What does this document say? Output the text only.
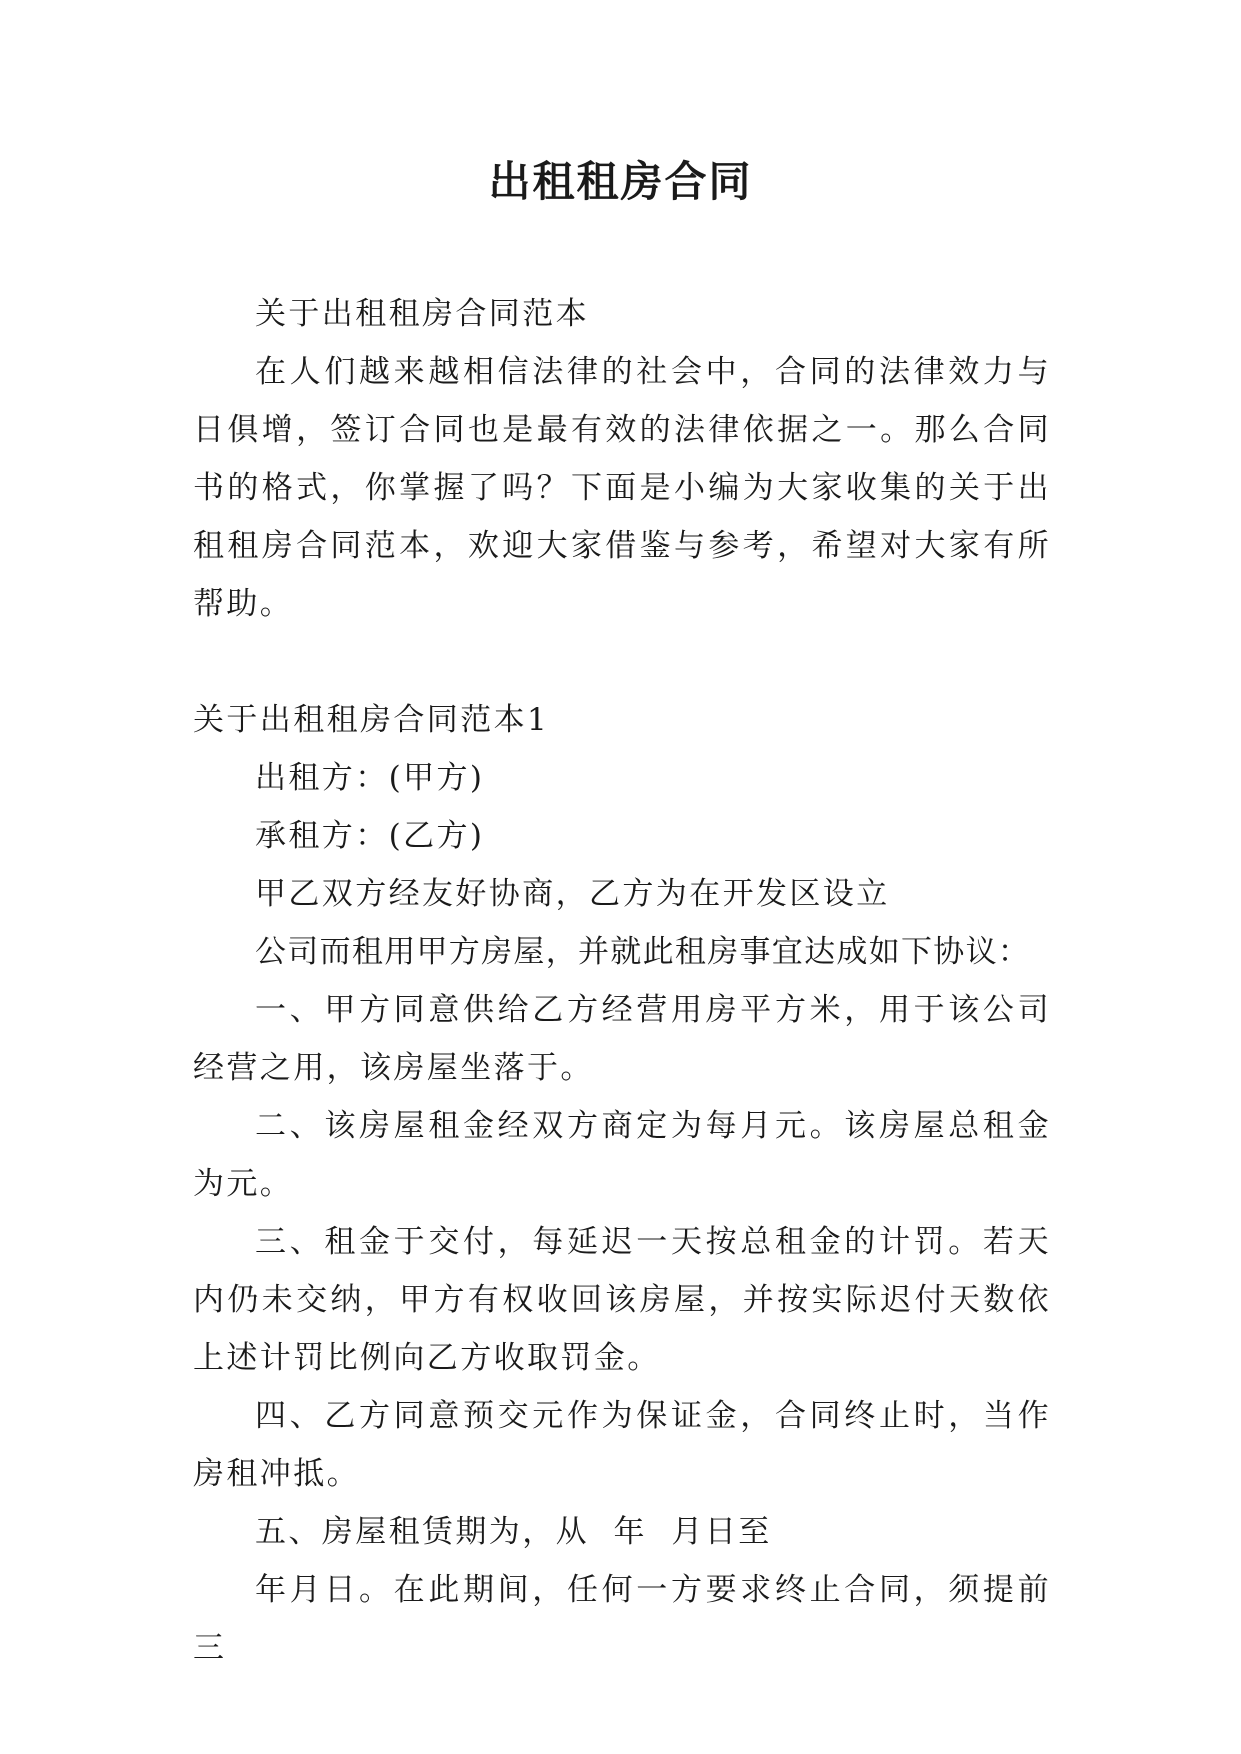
出租租房合同

关于出租租房合同范本

在人们越来越相信法律的社会中，合同的法律效力与日俱增，签订合同也是最有效的法律依据之一。那么合同书的格式，你掌握了吗？下面是小编为大家收集的关于出租租房合同范本，欢迎大家借鉴与参考，希望对大家有所帮助。

关于出租租房合同范本1

出租方：(甲方)

承租方：(乙方)

甲乙双方经友好协商，乙方为在开发区设立

公司而租用甲方房屋，并就此租房事宜达成如下协议：

一、甲方同意供给乙方经营用房平方米，用于该公司经营之用，该房屋坐落于。

二、该房屋租金经双方商定为每月元。该房屋总租金为元。

三、租金于交付，每延迟一天按总租金的计罚。若天内仍未交纳，甲方有权收回该房屋，并按实际迟付天数依上述计罚比例向乙方收取罚金。

四、乙方同意预交元作为保证金，合同终止时，当作房租冲抵。

五、房屋租赁期为，从  年  月日至

年月日。在此期间，任何一方要求终止合同，须提前三
